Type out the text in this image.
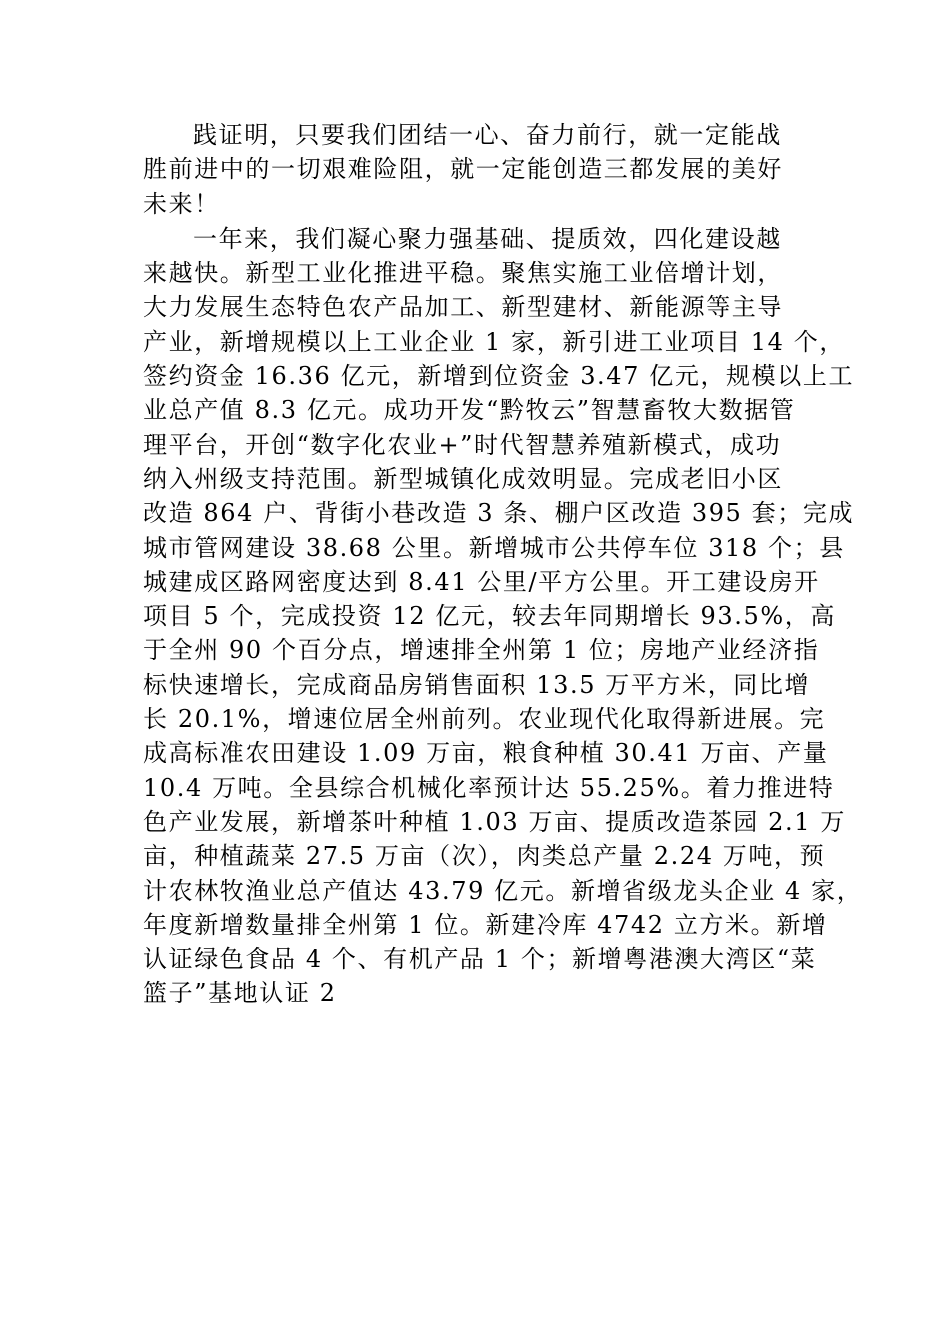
践证明，只要我们团结一心、奋力前行，就一定能战
胜前进中的一切艰难险阻，就一定能创造三都发展的美好
未来！

一年来，我们凝心聚力强基础、提质效，四化建设越
来越快。新型工业化推进平稳。聚焦实施工业倍增计划，
大力发展生态特色农产品加工、新型建材、新能源等主导
产业，新增规模以上工业企业 1 家，新引进工业项目 14 个，
签约资金 16.36 亿元，新增到位资金 3.47 亿元，规模以上工
业总产值 8.3 亿元。成功开发“黔牧云”智慧畜牧大数据管
理平台，开创“数字化农业+”时代智慧养殖新模式，成功
纳入州级支持范围。新型城镇化成效明显。完成老旧小区
改造 864 户、背街小巷改造 3 条、棚户区改造 395 套；完成
城市管网建设 38.68 公里。新增城市公共停车位 318 个；县
城建成区路网密度达到 8.41 公里/平方公里。开工建设房开
项目 5 个，完成投资 12 亿元，较去年同期增长 93.5%，高
于全州 90 个百分点，增速排全州第 1 位；房地产业经济指
标快速增长，完成商品房销售面积 13.5 万平方米，同比增
长 20.1%，增速位居全州前列。农业现代化取得新进展。完
成高标准农田建设 1.09 万亩，粮食种植 30.41 万亩、产量
10.4 万吨。全县综合机械化率预计达 55.25%。着力推进特
色产业发展，新增茶叶种植 1.03 万亩、提质改造茶园 2.1 万
亩，种植蔬菜 27.5 万亩（次），肉类总产量 2.24 万吨，预
计农林牧渔业总产值达 43.79 亿元。新增省级龙头企业 4 家，
年度新增数量排全州第 1 位。新建冷库 4742 立方米。新增
认证绿色食品 4 个、有机产品 1 个；新增粤港澳大湾区“菜
篮子”基地认证 2
